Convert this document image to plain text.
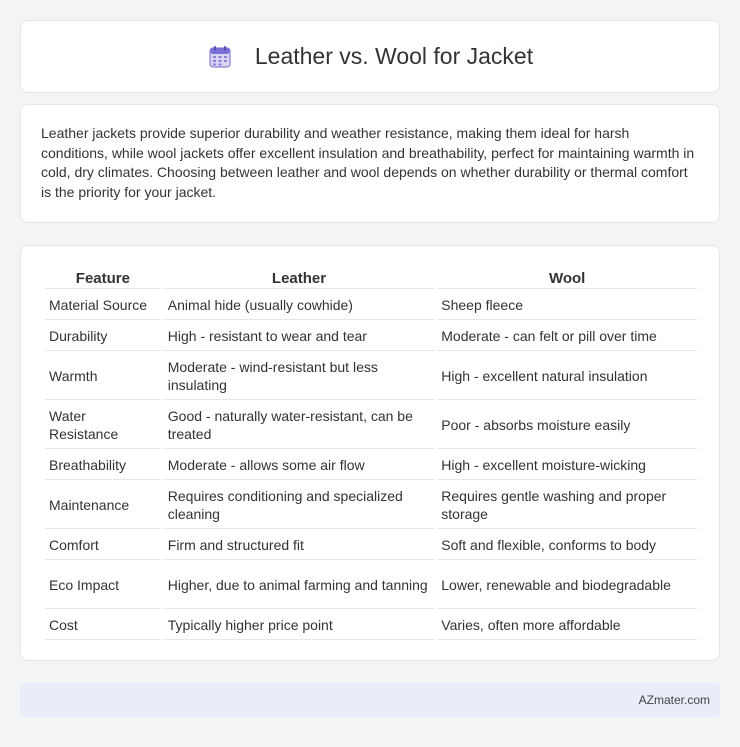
Leather vs. Wool for Jacket

Leather jackets provide superior durability and weather resistance, making them ideal for harsh conditions, while wool jackets offer excellent insulation and breathability, perfect for maintaining warmth in cold, dry climates. Choosing between leather and wool depends on whether durability or thermal comfort is the priority for your jacket.

Feature	Leather	Wool
Material Source	Animal hide (usually cowhide)	Sheep fleece
Durability	High - resistant to wear and tear	Moderate - can felt or pill over time
Warmth	Moderate - wind-resistant but less insulating	High - excellent natural insulation
Water Resistance	Good - naturally water-resistant, can be treated	Poor - absorbs moisture easily
Breathability	Moderate - allows some air flow	High - excellent moisture-wicking
Maintenance	Requires conditioning and specialized cleaning	Requires gentle washing and proper storage
Comfort	Firm and structured fit	Soft and flexible, conforms to body
Eco Impact	Higher, due to animal farming and tanning	Lower, renewable and biodegradable
Cost	Typically higher price point	Varies, often more affordable
AZmater.com
